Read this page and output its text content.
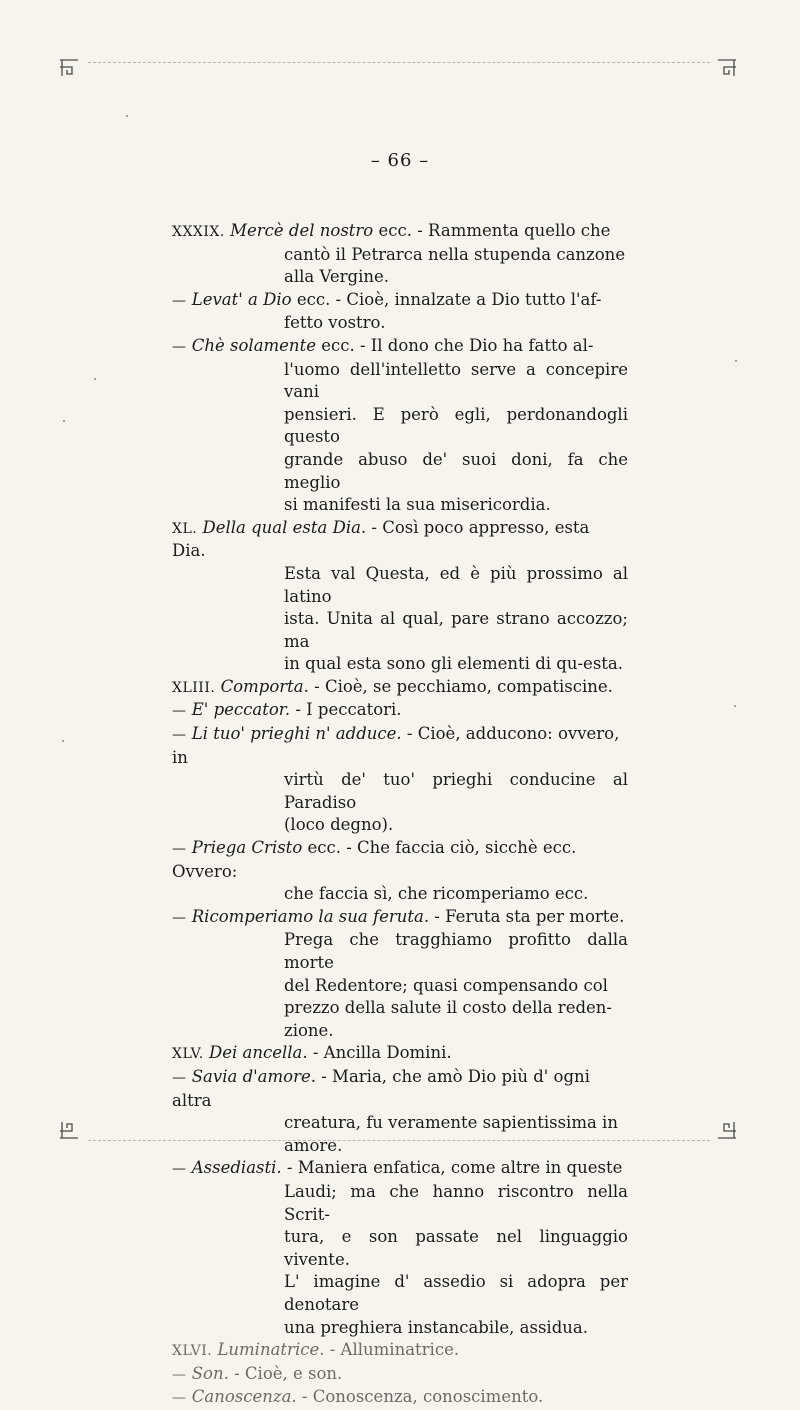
– 66 –
XXXIX. Mercè del nostro ecc. - Rammenta quello che
cantò il Petrarca nella stupenda canzone
alla Vergine.
— Levat' a Dio ecc. - Cioè, innalzate a Dio tutto l'af-
fetto vostro.
— Chè solamente ecc. - Il dono che Dio ha fatto al-
l'uomo dell'intelletto serve a concepire vani
pensieri. E però egli, perdonandogli questo
grande abuso de' suoi doni, fa che meglio
si manifesti la sua misericordia.
XL. Della qual esta Dia. - Così poco appresso, esta Dia.
Esta val Questa, ed è più prossimo al latino
ista. Unita al qual, pare strano accozzo; ma
in qual esta sono gli elementi di qu-esta.
XLIII. Comporta. - Cioè, se pecchiamo, compatiscine.
— E' peccator. - I peccatori.
— Li tuo' prieghi n' adduce. - Cioè, adducono: ovvero, in
virtù de' tuo' prieghi conducine al Paradiso
(loco degno).
— Priega Cristo ecc. - Che faccia ciò, sicchè ecc. Ovvero:
che faccia sì, che ricomperiamo ecc.
— Ricomperiamo la sua feruta. - Feruta sta per morte.
Prega che tragghiamo profitto dalla morte
del Redentore; quasi compensando col
prezzo della salute il costo della reden-
zione.
XLV. Dei ancella. - Ancilla Domini.
— Savia d'amore. - Maria, che amò Dio più d' ogni altra
creatura, fu veramente sapientissima in
amore.
— Assediasti. - Maniera enfatica, come altre in queste
Laudi; ma che hanno riscontro nella Scrit-
tura, e son passate nel linguaggio vivente.
L' imagine d' assedio si adopra per denotare
una preghiera instancabile, assidua.
XLVI. Luminatrice. - Alluminatrice.
— Son. - Cioè, e son.
— Canoscenza. - Conoscenza, conoscimento.
